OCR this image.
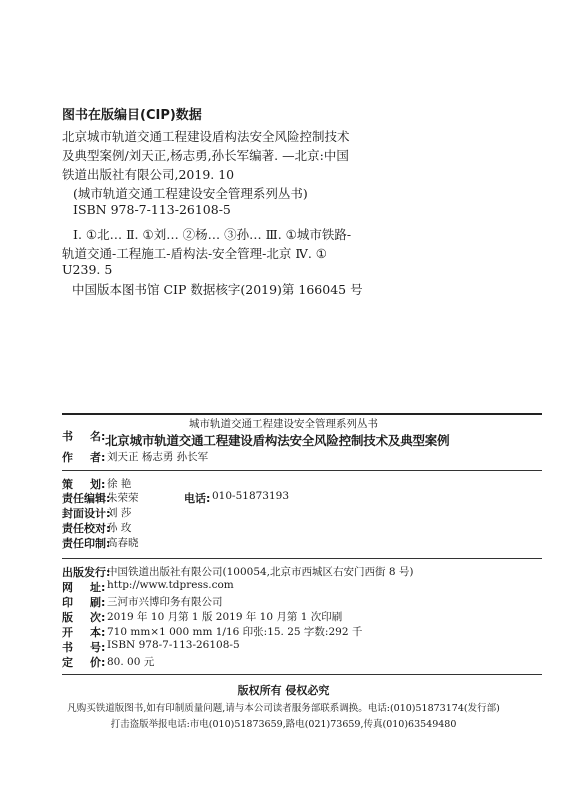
图书在版编目(CIP)数据
北京城市轨道交通工程建设盾构法安全风险控制技术
及典型案例/刘天正,杨志勇,孙长军编著. —北京:中国
铁道出版社有限公司,2019. 10
(城市轨道交通工程建设安全管理系列丛书)
ISBN 978-7-113-26108-5
Ⅰ. ①北… Ⅱ. ①刘… ②杨… ③孙… Ⅲ. ①城市铁路-
轨道交通-工程施工-盾构法-安全管理-北京 Ⅳ. ①
U239. 5
中国版本图书馆 CIP 数据核字(2019)第 166045 号
城市轨道交通工程建设安全管理系列丛书
书 名: 北京城市轨道交通工程建设盾构法安全风险控制技术及典型案例
作 者: 刘天正 杨志勇 孙长军
策 划: 徐 艳
责任编辑:
朱荣荣	电话: 010-51873193
封面设计:
刘 莎
责任校对:
孙 玫
责任印制:
高春晓
出版发行:
中国铁道出版社有限公司(100054,北京市西城区右安门西街 8 号)
网 址: http://www.tdpress.com
印 刷: 三河市兴博印务有限公司
版 次: 2019 年 10 月第 1 版 2019 年 10 月第 1 次印刷
开 本: 710 mm×1 000 mm 1/16 印张:15. 25 字数:292 千
书 号: ISBN 978-7-113-26108-5
定 价: 80. 00 元
版权所有 侵权必究
凡购买铁道版图书,如有印制质量问题,请与本公司读者服务部联系调换。电话:(010)51873174(发行部)
打击盗版举报电话:市电(010)51873659,路电(021)73659,传真(010)63549480
